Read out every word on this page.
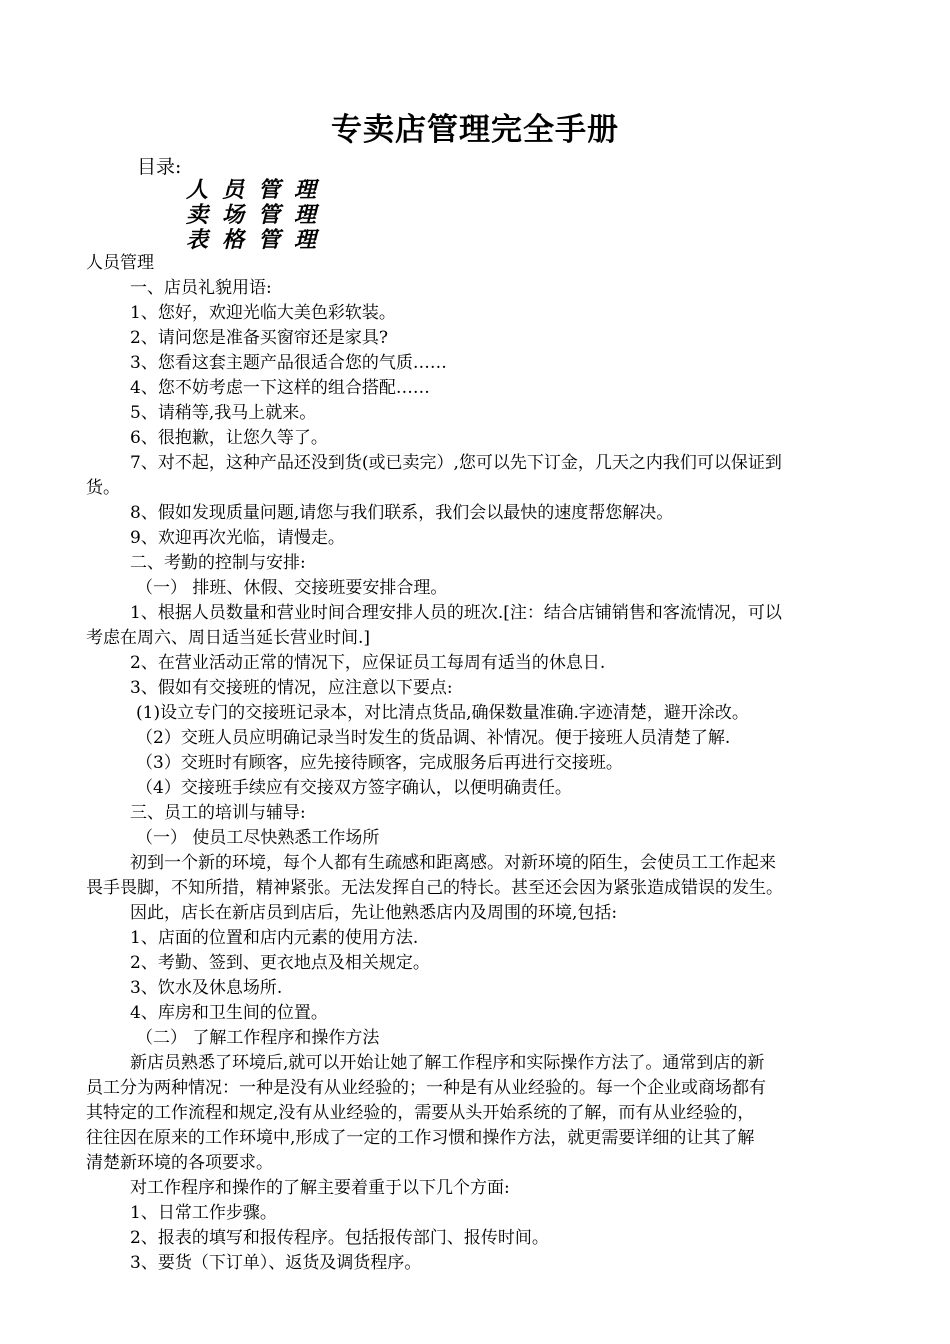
专卖店管理完全手册
目录:
人员管理
卖场管理
表格管理
人员管理
一、店员礼貌用语:
1、您好，欢迎光临大美色彩软装。
2、请问您是准备买窗帘还是家具?
3、您看这套主题产品很适合您的气质……
4、您不妨考虑一下这样的组合搭配……
5、请稍等,我马上就来。
6、很抱歉，让您久等了。
7、对不起，这种产品还没到货(或已卖完）,您可以先下订金，几天之内我们可以保证到
货。
8、假如发现质量问题,请您与我们联系，我们会以最快的速度帮您解决。
9、欢迎再次光临，请慢走。
二、考勤的控制与安排:
（一） 排班、休假、交接班要安排合理。
1、根据人员数量和营业时间合理安排人员的班次.[注：结合店铺销售和客流情况，可以
考虑在周六、周日适当延长营业时间.]
2、在营业活动正常的情况下，应保证员工每周有适当的休息日.
3、假如有交接班的情况，应注意以下要点:
(1)设立专门的交接班记录本，对比清点货品,确保数量准确.字迹清楚，避开涂改。
（2）交班人员应明确记录当时发生的货品调、补情况。便于接班人员清楚了解.
（3）交班时有顾客，应先接待顾客，完成服务后再进行交接班。
（4）交接班手续应有交接双方签字确认，以便明确责任。
三、员工的培训与辅导:
（一） 使员工尽快熟悉工作场所
初到一个新的环境，每个人都有生疏感和距离感。对新环境的陌生，会使员工工作起来
畏手畏脚，不知所措，精神紧张。无法发挥自己的特长。甚至还会因为紧张造成错误的发生。
因此，店长在新店员到店后，先让他熟悉店内及周围的环境,包括:
1、店面的位置和店内元素的使用方法.
2、考勤、签到、更衣地点及相关规定。
3、饮水及休息场所.
4、库房和卫生间的位置。
（二） 了解工作程序和操作方法
新店员熟悉了环境后,就可以开始让她了解工作程序和实际操作方法了。通常到店的新
员工分为两种情况：一种是没有从业经验的；一种是有从业经验的。每一个企业或商场都有
其特定的工作流程和规定,没有从业经验的，需要从头开始系统的了解，而有从业经验的，
往往因在原来的工作环境中,形成了一定的工作习惯和操作方法，就更需要详细的让其了解
清楚新环境的各项要求。
对工作程序和操作的了解主要着重于以下几个方面:
1、日常工作步骤。
2、报表的填写和报传程序。包括报传部门、报传时间。
3、要货（下订单）、返货及调货程序。
